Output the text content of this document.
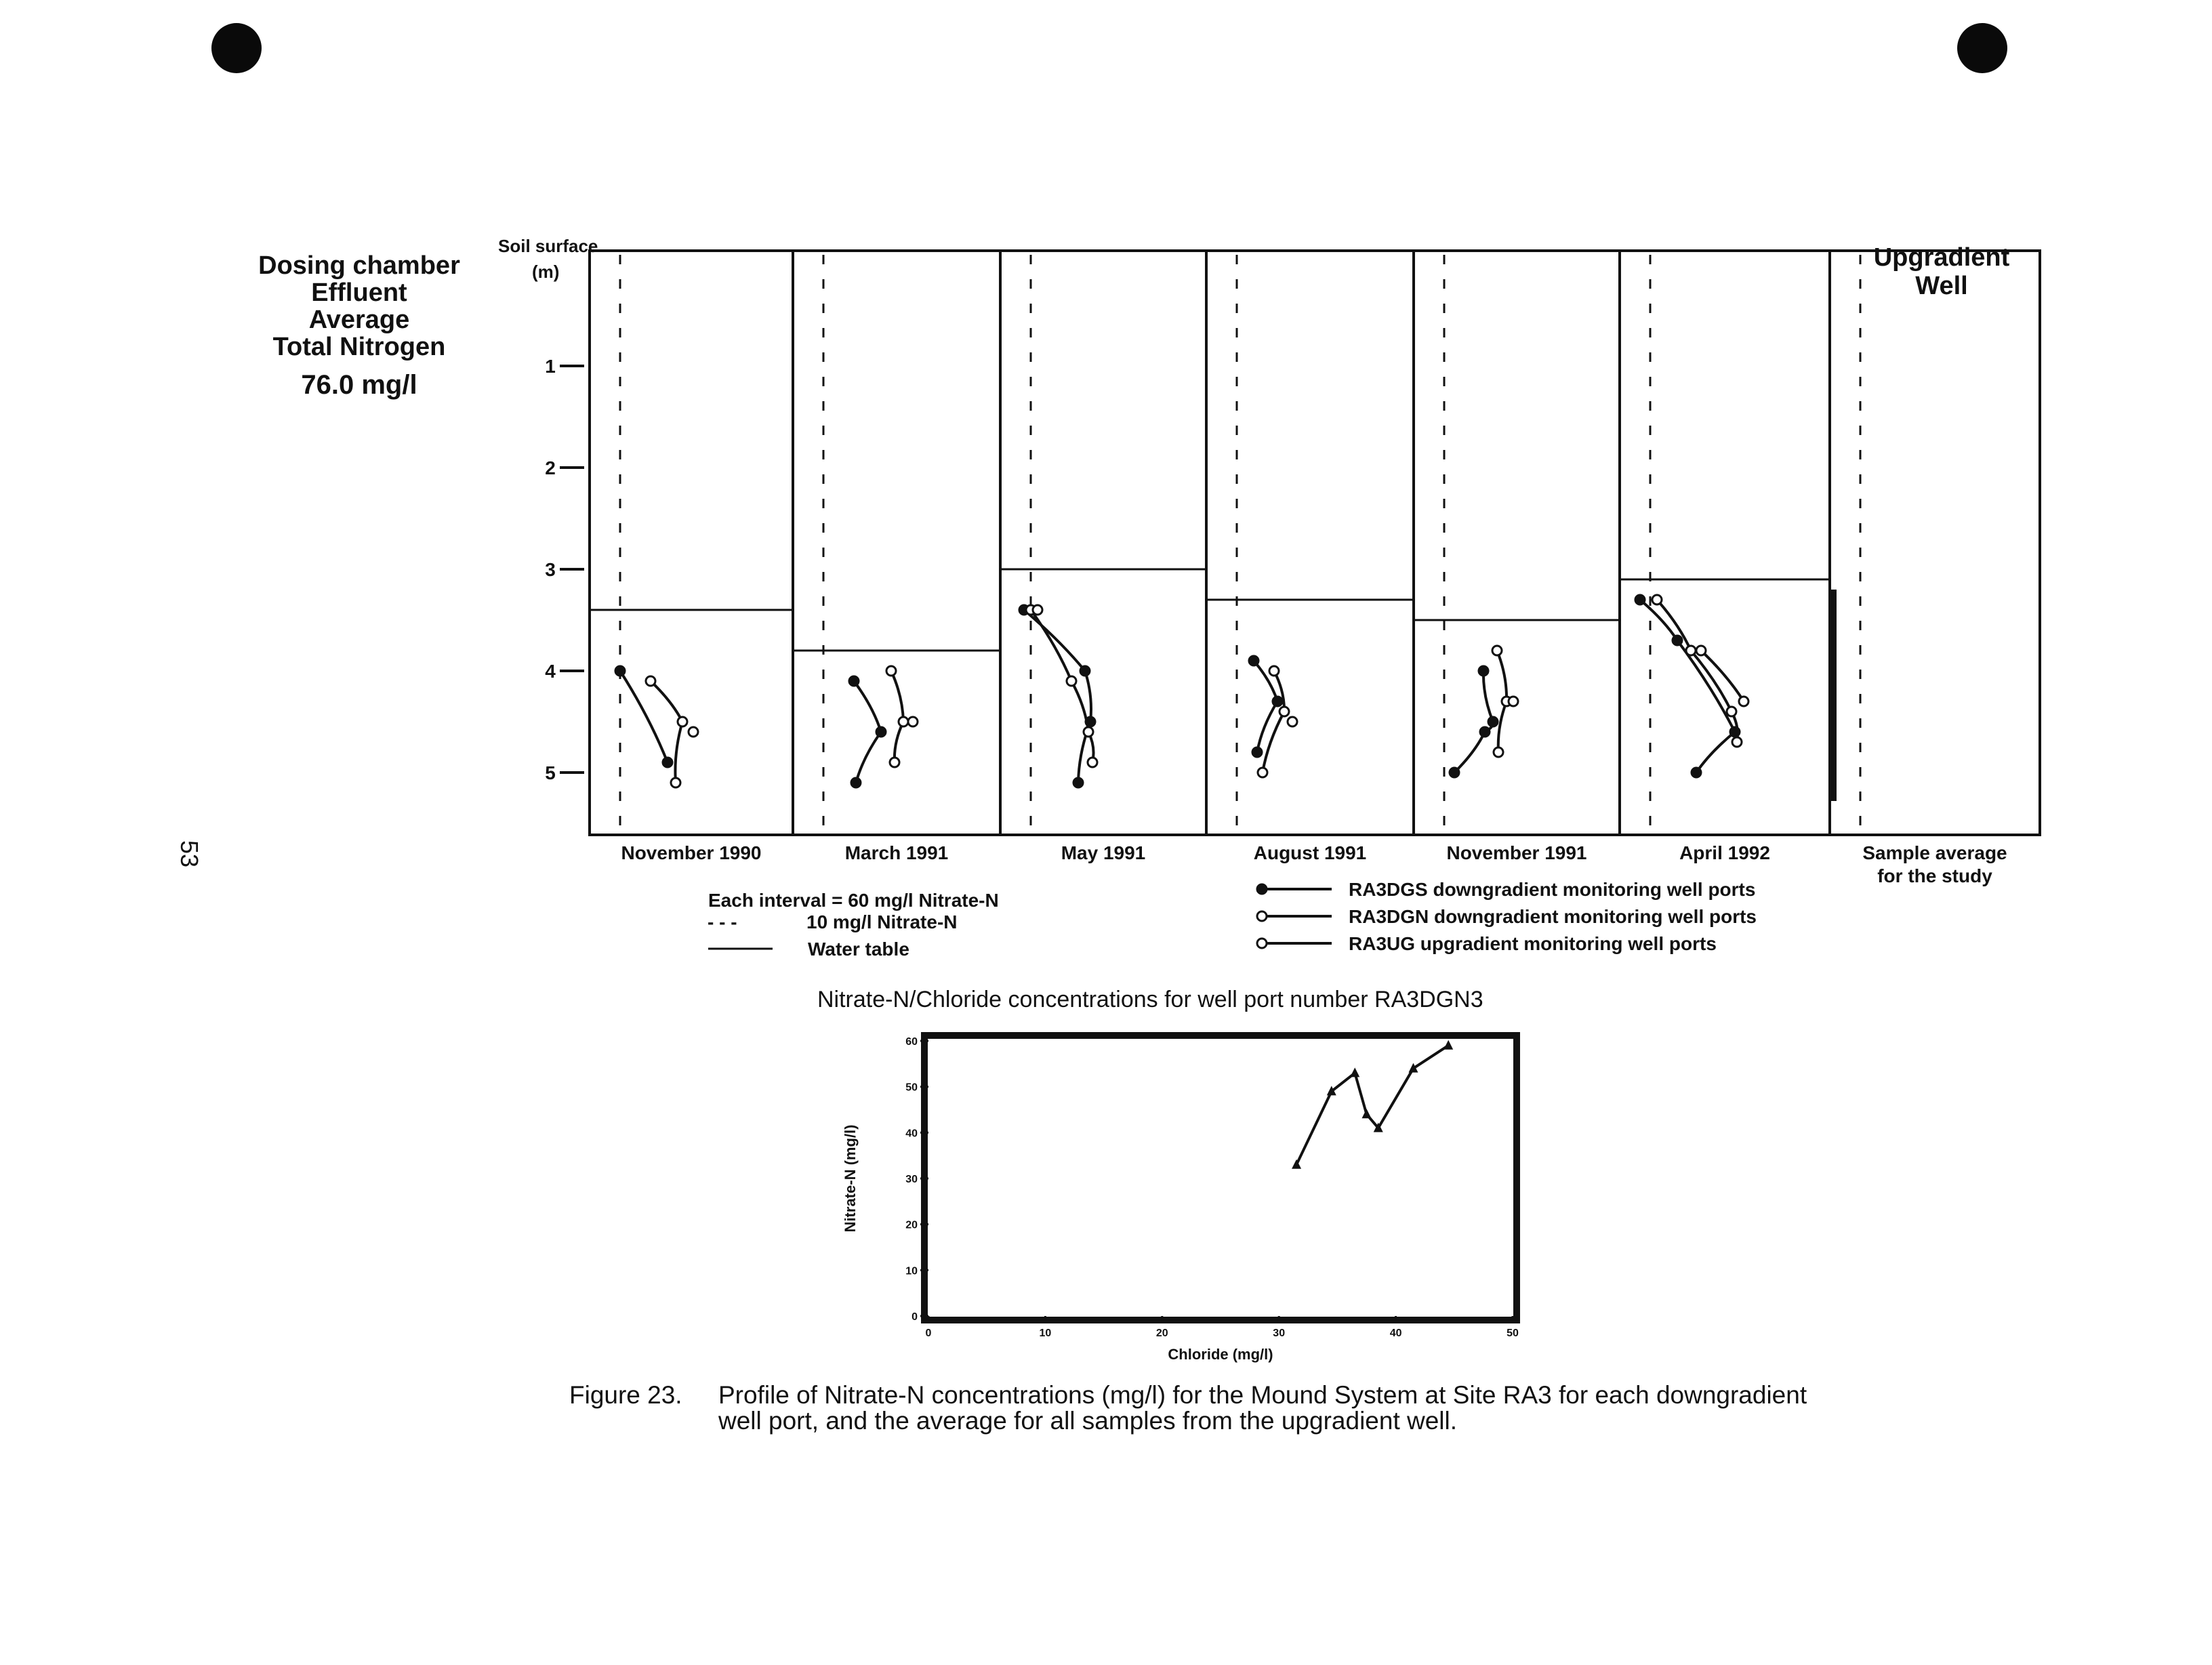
Dosing chamber
Effluent
Average
Total Nitrogen
76.0 mg/l
53
Soil surface
(m)
1
2
3
4
5
November 1990	March 1991	May 1991	August 1991	November 1991	April 1992	Sample average
for the study
Upgradient
Well
Each interval = 60 mg/l Nitrate-N
- - -	10 mg/l Nitrate-N
Water table
RA3DGS downgradient monitoring well ports
RA3DGN downgradient monitoring well ports
RA3UG upgradient monitoring well ports
Nitrate-N/Chloride concentrations for well port number RA3DGN3
0
10
20
30
40
50
60
0	10	20	30	40	50
Chloride (mg/l)
Nitrate-N (mg/l)
Figure 23. Profile of Nitrate-N concentrations (mg/l) for the Mound System at Site RA3 for each downgradient well port, and the average for all samples from the upgradient well.
